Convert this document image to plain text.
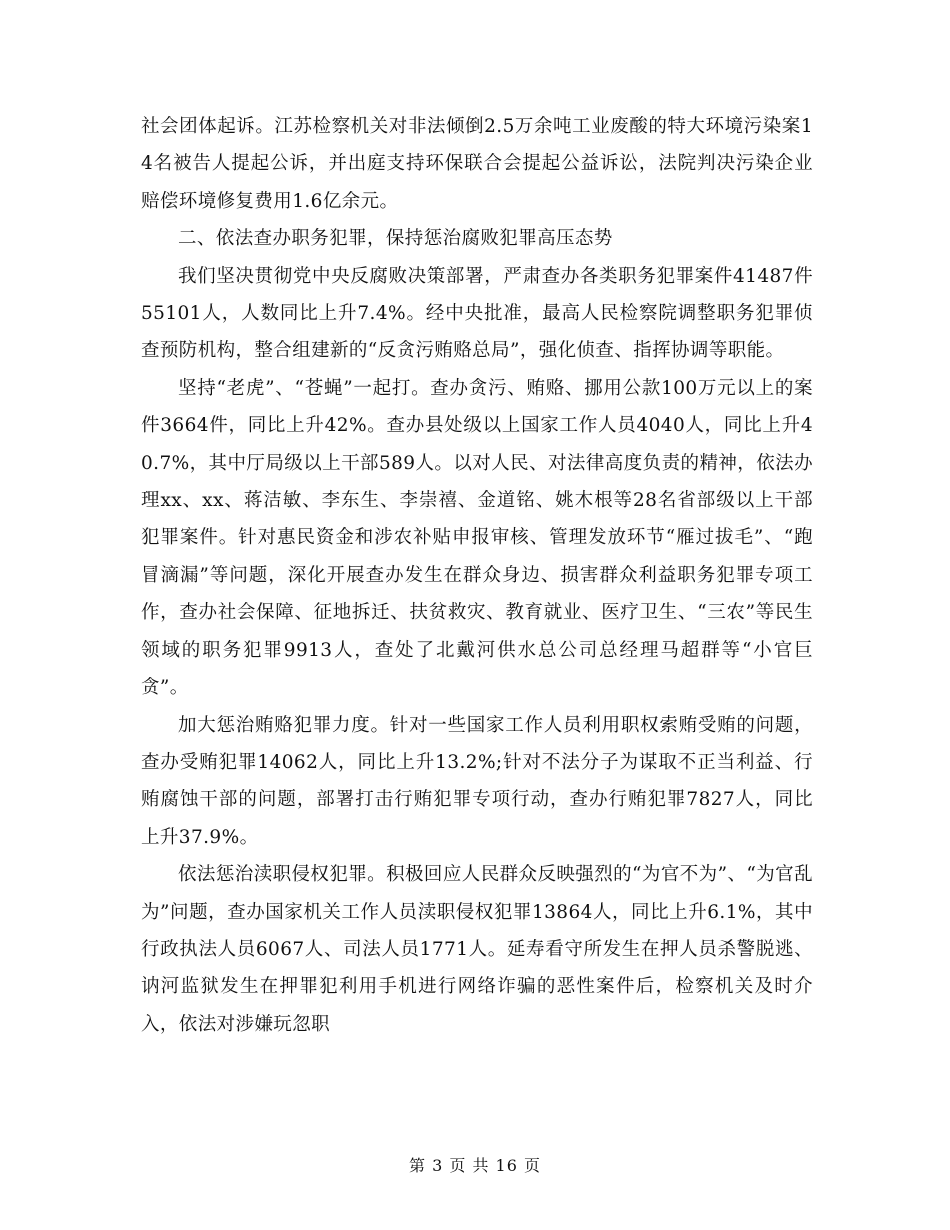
社会团体起诉。江苏检察机关对非法倾倒2.5万余吨工业废酸的特大环境污染案14名被告人提起公诉，并出庭支持环保联合会提起公益诉讼，法院判决污染企业赔偿环境修复费用1.6亿余元。

二、依法查办职务犯罪，保持惩治腐败犯罪高压态势

我们坚决贯彻党中央反腐败决策部署，严肃查办各类职务犯罪案件41487件55101人，人数同比上升7.4%。经中央批准，最高人民检察院调整职务犯罪侦查预防机构，整合组建新的“反贪污贿赂总局”，强化侦查、指挥协调等职能。

坚持“老虎”、“苍蝇”一起打。查办贪污、贿赂、挪用公款100万元以上的案件3664件，同比上升42%。查办县处级以上国家工作人员4040人，同比上升40.7%，其中厅局级以上干部589人。以对人民、对法律高度负责的精神，依法办理xx、xx、蒋洁敏、李东生、李崇禧、金道铭、姚木根等28名省部级以上干部犯罪案件。针对惠民资金和涉农补贴申报审核、管理发放环节“雁过拔毛”、“跑冒滴漏”等问题，深化开展查办发生在群众身边、损害群众利益职务犯罪专项工作，查办社会保障、征地拆迁、扶贫救灾、教育就业、医疗卫生、“三农”等民生领域的职务犯罪9913人，查处了北戴河供水总公司总经理马超群等“小官巨贪”。

加大惩治贿赂犯罪力度。针对一些国家工作人员利用职权索贿受贿的问题，查办受贿犯罪14062人，同比上升13.2%;针对不法分子为谋取不正当利益、行贿腐蚀干部的问题，部署打击行贿犯罪专项行动，查办行贿犯罪7827人，同比上升37.9%。

依法惩治渎职侵权犯罪。积极回应人民群众反映强烈的“为官不为”、“为官乱为”问题，查办国家机关工作人员渎职侵权犯罪13864人，同比上升6.1%，其中行政执法人员6067人、司法人员1771人。延寿看守所发生在押人员杀警脱逃、讷河监狱发生在押罪犯利用手机进行网络诈骗的恶性案件后，检察机关及时介入，依法对涉嫌玩忽职

第 3 页 共 16 页
